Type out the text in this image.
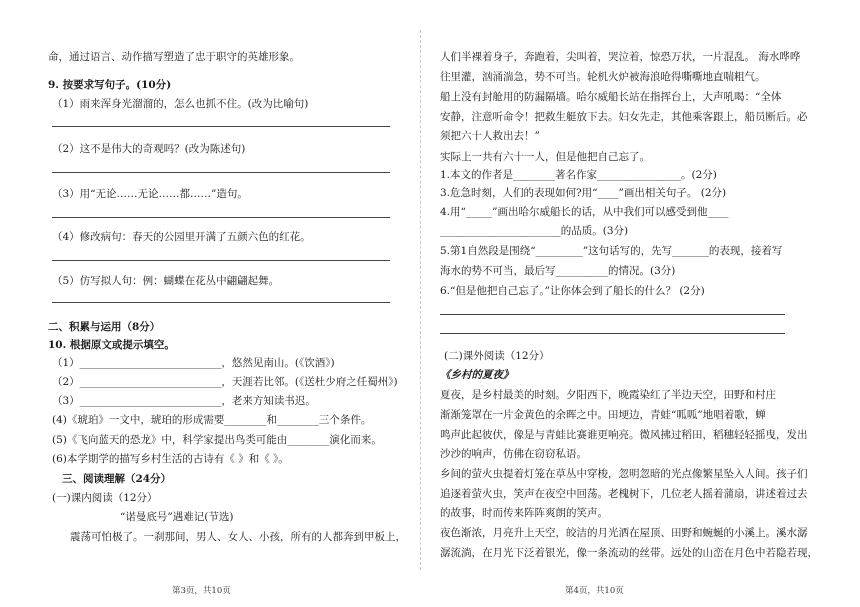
命，通过语言、动作描写塑造了忠于职守的英雄形象。
9. 按要求写句子。(10分)
（1）雨来浑身光溜溜的，怎么也抓不住。(改为比喻句)
（2）这不是伟大的奇观吗？(改为陈述句)
（3）用“无论……无论……都……”造句。
（4）修改病句：春天的公园里开满了五颜六色的红花。
（5）仿写拟人句：例：蝴蝶在花丛中翩翩起舞。
二、积累与运用（8分）
10. 根据原文或提示填空。
（1）___________________________，悠然见南山。(《饮酒》)
（2）___________________________，天涯若比邻。(《送杜少府之任蜀州》)
（3）___________________________，老来方知读书迟。
(4)《琥珀》一文中，琥珀的形成需要________和________三个条件。
(5)《飞向蓝天的恐龙》中，科学家提出鸟类可能由________演化而来。
(6)本学期学的描写乡村生活的古诗有《 》和《 》。
三、阅读理解（24分）
(一)课内阅读（12分）
“诺曼底号”遇难记(节选)
震荡可怕极了。一刹那间，男人、女人、小孩，所有的人都奔到甲板上，
第3页，共10页
人们半裸着身子，奔跑着，尖叫着，哭泣着，惊恐万状，一片混乱。 海水哗哗
往里灌，汹涌湍急，势不可当。轮机火炉被海浪呛得嘶嘶地直喘粗气。
船上没有封舱用的防漏隔墙。哈尔威船长站在指挥台上，大声吼喝：“全体
安静，注意听命令！把救生艇放下去。妇女先走，其他乘客跟上，船员断后。必
须把六十人救出去！”
实际上一共有六十一人，但是他把自己忘了。
1.本文的作者是________著名作家________________。(2分)
3.危急时刻，人们的表现如何?用“____”画出相关句子。 (2分)
4.用“_____”画出哈尔威船长的话，从中我们可以感受到他____
_______________________的品质。(3分)
5.第1自然段是围绕“_________”这句话写的，先写_______的表现，接着写
海水的势不可当，最后写__________的情况。(3分)
6.“但是他把自己忘了。”让你体会到了船长的什么？ (2分)
(二)课外阅读（12分）
《乡村的夏夜》
夏夜，是乡村最美的时刻。夕阳西下，晚霞染红了半边天空，田野和村庄
渐渐笼罩在一片金黄色的余晖之中。田埂边，青蛙“呱呱”地唱着歌，蝉
鸣声此起彼伏，像是与青蛙比赛谁更响亮。微风拂过稻田，稻穗轻轻摇曳，发出
沙沙的响声，仿佛在窃窃私语。
乡间的萤火虫提着灯笼在草丛中穿梭，忽明忽暗的光点像繁星坠入人间。孩子们
追逐着萤火虫，笑声在夜空中回荡。老槐树下，几位老人摇着蒲扇，讲述着过去
的故事，时而传来阵阵爽朗的笑声。
夜色渐浓，月亮升上天空，皎洁的月光洒在屋顶、田野和蜿蜒的小溪上。溪水潺
潺流淌，在月光下泛着银光，像一条流动的丝带。远处的山峦在月色中若隐若现，
第4页，共10页
